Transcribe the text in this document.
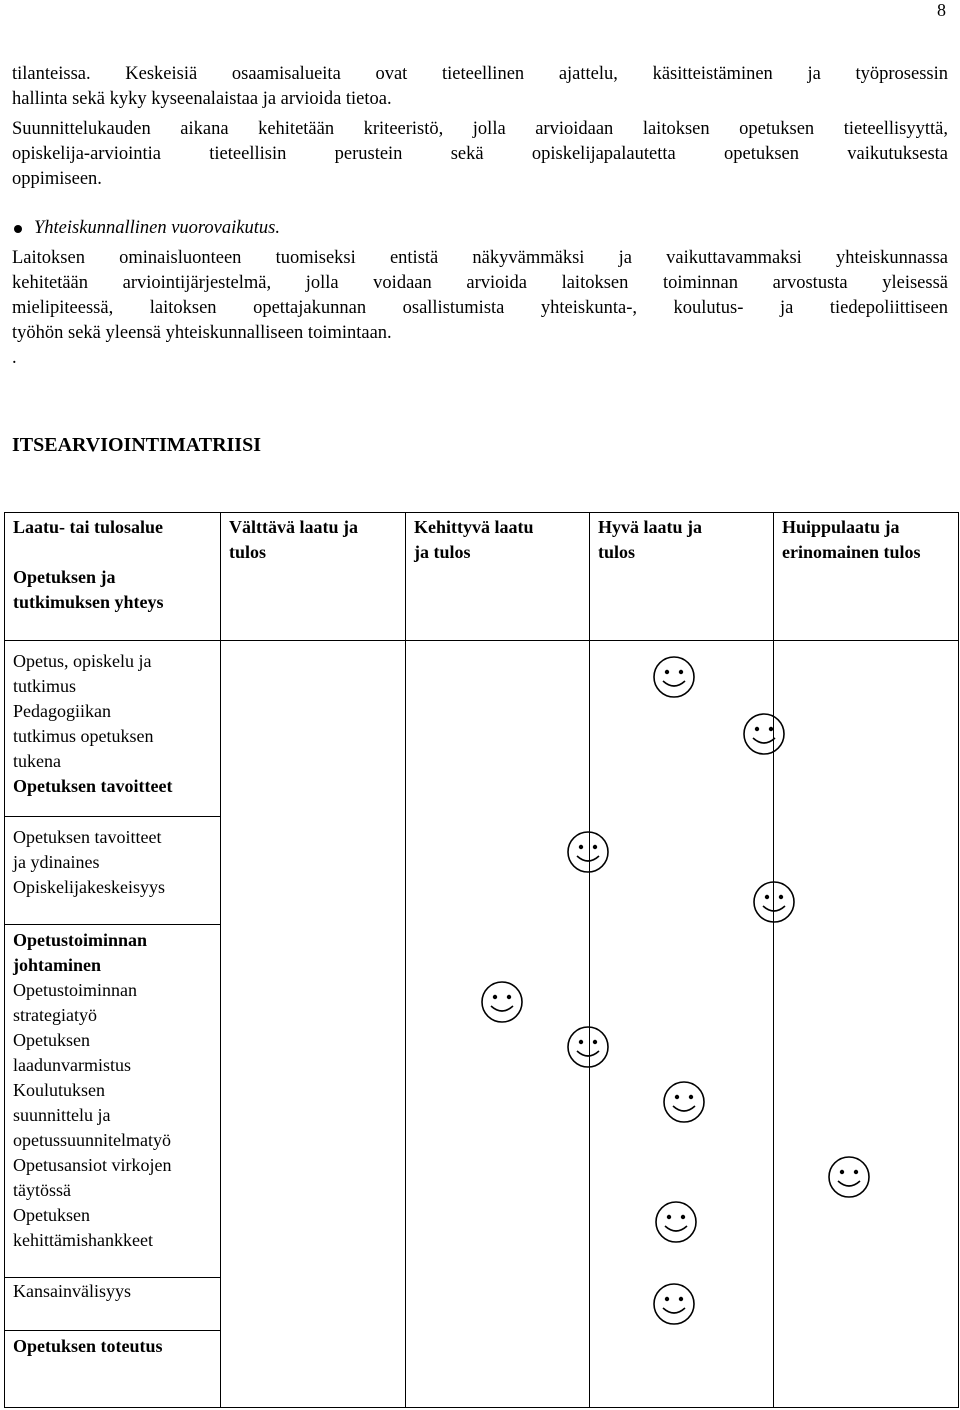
8

tilanteissa. Keskeisiä osaamisalueita ovat tieteellinen ajattelu, käsitteistäminen ja työprosessin

hallinta sekä kyky kyseenalaistaa ja arvioida tietoa.

Suunnittelukauden aikana kehitetään kriteeristö, jolla arvioidaan laitoksen opetuksen tieteellisyyttä,

opiskelija-arviointia tieteellisin perustein sekä opiskelijapalautetta opetuksen vaikutuksesta

oppimiseen.

Yhteiskunnallinen vuorovaikutus.

Laitoksen ominaisluonteen tuomiseksi entistä näkyvämmäksi ja vaikuttavammaksi yhteiskunnassa

kehitetään arviointijärjestelmä, jolla voidaan arvioida laitoksen toiminnan arvostusta yleisessä

mielipiteessä, laitoksen opettajakunnan osallistumista yhteiskunta-, koulutus- ja tiedepoliittiseen

työhön sekä yleensä yhteiskunnalliseen toimintaan.

.

ITSEARVIOINTIMATRIISI
Laatu- tai tulosalue	Välttävä laatu ja
tulos
Kehittyvä laatu
ja tulos
Hyvä laatu ja
tulos
Huippulaatu ja
erinomainen tulos
Opetuksen ja
tutkimuksen yhteys
Opetus, opiskelu ja
tutkimus
Pedagogiikan
tutkimus opetuksen
tukena
Opetuksen tavoitteet
Opetuksen tavoitteet
ja ydinaines
Opiskelijakeskeisyys
Opetustoiminnan
johtaminen
Opetustoiminnan
strategiatyö
Opetuksen
laadunvarmistus
Koulutuksen
suunnittelu ja
opetussuunnitelmatyö
Opetusansiot virkojen
täytössä
Opetuksen
kehittämishankkeet
Kansainvälisyys
Opetuksen toteutus
